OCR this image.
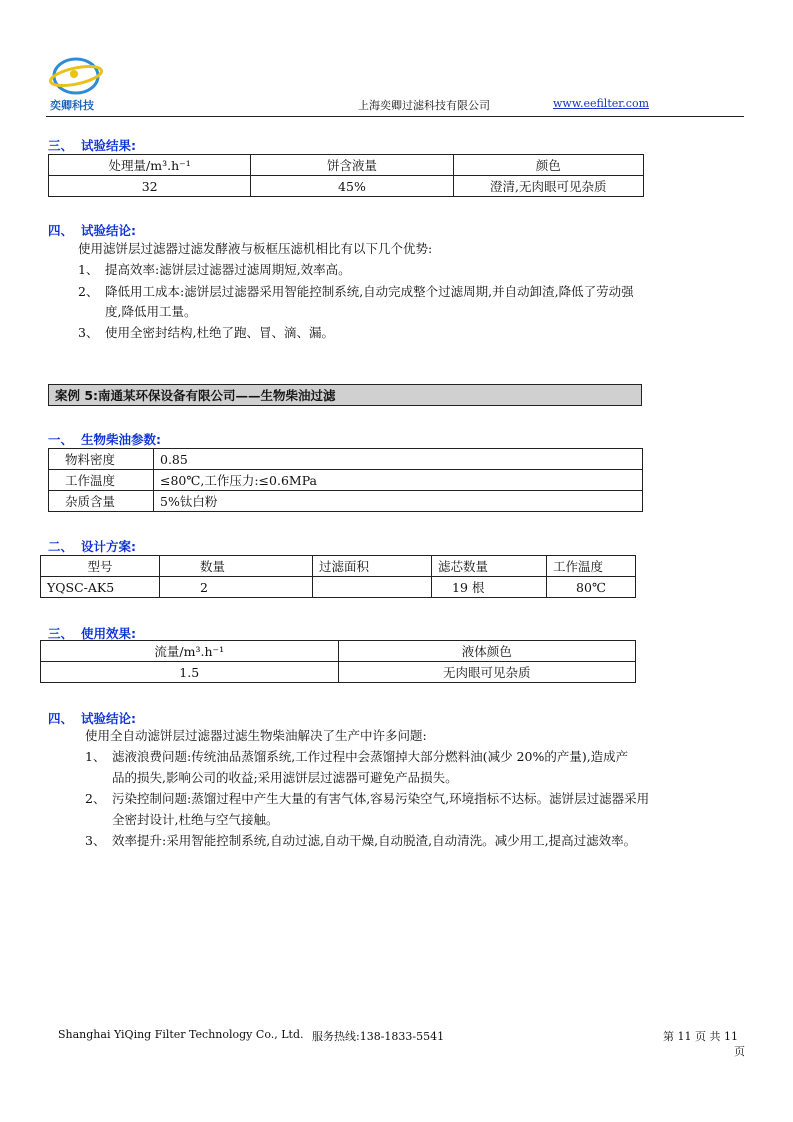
奕卿科技	上海奕卿过滤科技有限公司	www.eefilter.com
三、 试验结果:
处理量/m³.h⁻¹	饼含液量	颜色
32	45%	澄清,无肉眼可见杂质
四、 试验结论:
使用滤饼层过滤器过滤发酵液与板框压滤机相比有以下几个优势:
1、 提高效率:滤饼层过滤器过滤周期短,效率高。
2、 降低用工成本:滤饼层过滤器采用智能控制系统,自动完成整个过滤周期,并自动卸渣,降低了劳动强
度,降低用工量。
3、 使用全密封结构,杜绝了跑、冒、滴、漏。
案例 5:南通某环保设备有限公司——生物柴油过滤
一、 生物柴油参数:
物料密度	0.85
工作温度	≤80℃,工作压力:≤0.6MPa
杂质含量	5%钛白粉
二、 设计方案:
型号	数量	过滤面积	滤芯数量	工作温度
YQSC-AK5	2		19 根	80℃
三、 使用效果:
流量/m³.h⁻¹	液体颜色
1.5	无肉眼可见杂质
四、 试验结论:
使用全自动滤饼层过滤器过滤生物柴油解决了生产中许多问题:
1、 滤液浪费问题:传统油品蒸馏系统,工作过程中会蒸馏掉大部分燃料油(减少 20%的产量),造成产
品的损失,影响公司的收益;采用滤饼层过滤器可避免产品损失。
2、 污染控制问题:蒸馏过程中产生大量的有害气体,容易污染空气,环境指标不达标。滤饼层过滤器采用
全密封设计,杜绝与空气接触。
3、 效率提升:采用智能控制系统,自动过滤,自动干燥,自动脱渣,自动清洗。减少用工,提高过滤效率。
Shanghai YiQing Filter Technology Co., Ltd. 服务热线:138-1833-5541	第 11 页 共 11
页
